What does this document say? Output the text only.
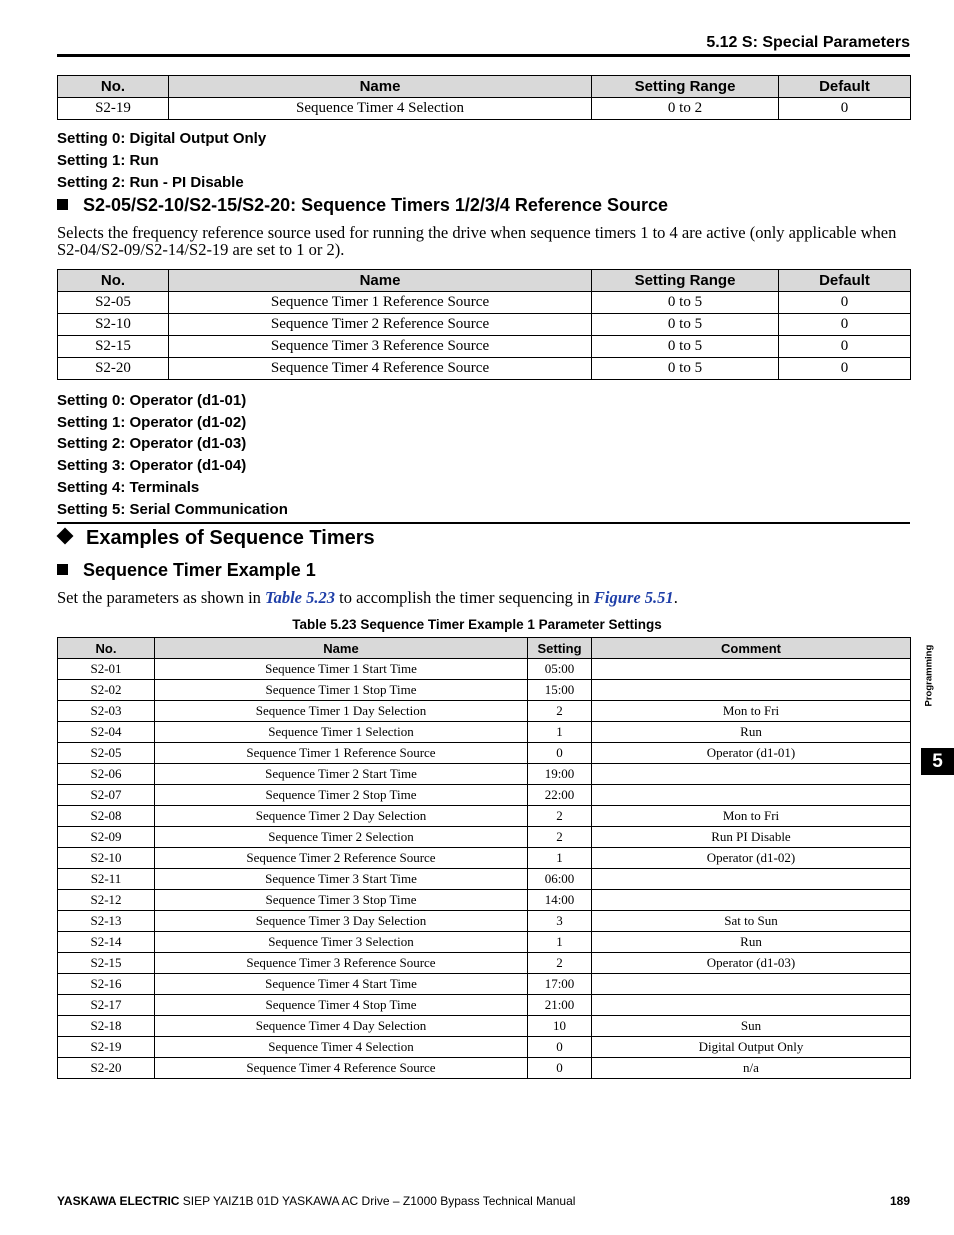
5.12 S: Special Parameters
No.	Name	Setting Range	Default
S2-19	Sequence Timer 4 Selection	0 to 2	0
Setting 0: Digital Output Only
Setting 1: Run
Setting 2: Run - PI Disable
S2-05/S2-10/S2-15/S2-20: Sequence Timers 1/2/3/4 Reference Source
Selects the frequency reference source used for running the drive when sequence timers 1 to 4 are active (only applicable when S2-04/S2-09/S2-14/S2-19 are set to 1 or 2).
No.	Name	Setting Range	Default
S2-05	Sequence Timer 1 Reference Source	0 to 5	0
S2-10	Sequence Timer 2 Reference Source	0 to 5	0
S2-15	Sequence Timer 3 Reference Source	0 to 5	0
S2-20	Sequence Timer 4 Reference Source	0 to 5	0
Setting 0: Operator (d1-01)
Setting 1: Operator (d1-02)
Setting 2: Operator (d1-03)
Setting 3: Operator (d1-04)
Setting 4: Terminals
Setting 5: Serial Communication
Examples of Sequence Timers
Sequence Timer Example 1
Set the parameters as shown in Table 5.23 to accomplish the timer sequencing in Figure 5.51.
Table 5.23 Sequence Timer Example 1 Parameter Settings
No.	Name	Setting	Comment
S2-01	Sequence Timer 1 Start Time	05:00	
S2-02	Sequence Timer 1 Stop Time	15:00	
S2-03	Sequence Timer 1 Day Selection	2	Mon to Fri
S2-04	Sequence Timer 1 Selection	1	Run
S2-05	Sequence Timer 1 Reference Source	0	Operator (d1-01)
S2-06	Sequence Timer 2 Start Time	19:00	
S2-07	Sequence Timer 2 Stop Time	22:00	
S2-08	Sequence Timer 2 Day Selection	2	Mon to Fri
S2-09	Sequence Timer 2 Selection	2	Run PI Disable
S2-10	Sequence Timer 2 Reference Source	1	Operator (d1-02)
S2-11	Sequence Timer 3 Start Time	06:00	
S2-12	Sequence Timer 3 Stop Time	14:00	
S2-13	Sequence Timer 3 Day Selection	3	Sat to Sun
S2-14	Sequence Timer 3 Selection	1	Run
S2-15	Sequence Timer 3 Reference Source	2	Operator (d1-03)
S2-16	Sequence Timer 4 Start Time	17:00	
S2-17	Sequence Timer 4 Stop Time	21:00	
S2-18	Sequence Timer 4 Day Selection	10	Sun
S2-19	Sequence Timer 4 Selection	0	Digital Output Only
S2-20	Sequence Timer 4 Reference Source	0	n/a
Programming
5
YASKAWA ELECTRIC SIEP YAIZ1B 01D YASKAWA AC Drive – Z1000 Bypass Technical Manual	189
